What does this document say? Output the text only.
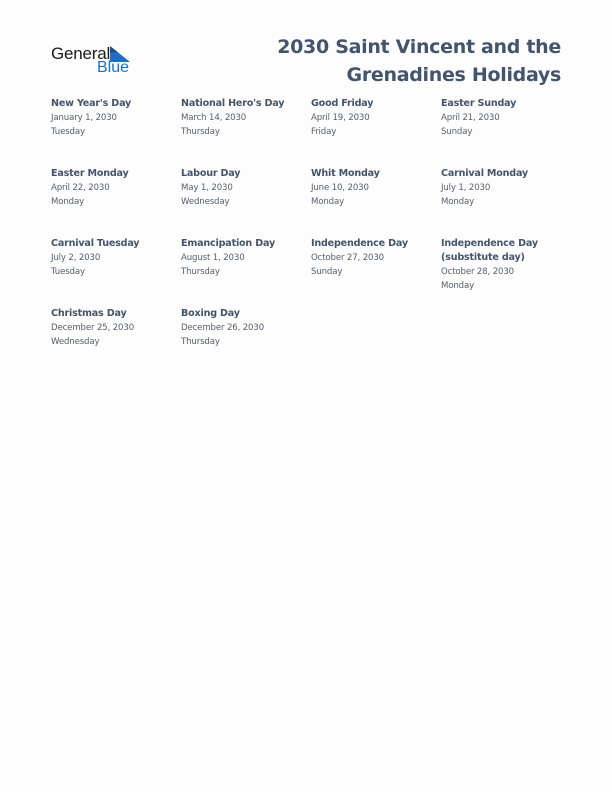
General
Blue
2030 Saint Vincent and the Grenadines Holidays
New Year's Day
January 1, 2030
Tuesday
National Hero's Day
March 14, 2030
Thursday
Good Friday
April 19, 2030
Friday
Easter Sunday
April 21, 2030
Sunday
Easter Monday
April 22, 2030
Monday
Labour Day
May 1, 2030
Wednesday
Whit Monday
June 10, 2030
Monday
Carnival Monday
July 1, 2030
Monday
Carnival Tuesday
July 2, 2030
Tuesday
Emancipation Day
August 1, 2030
Thursday
Independence Day
October 27, 2030
Sunday
Independence Day
(substitute day)
October 28, 2030
Monday
Christmas Day
December 25, 2030
Wednesday
Boxing Day
December 26, 2030
Thursday
